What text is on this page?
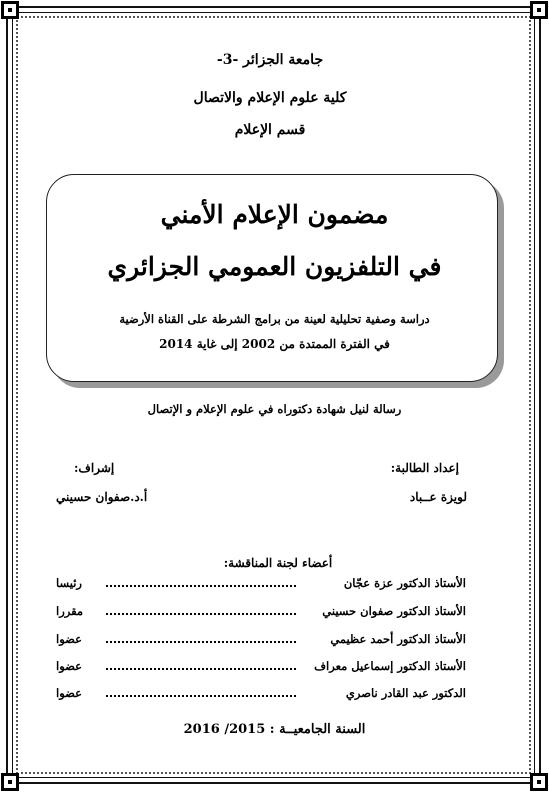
جامعة الجزائر -3-
كلية علوم الإعلام والاتصال
قسم الإعلام
مضمون الإعلام الأمني
في التلفزيون العمومي الجزائري
دراسة وصفية تحليلية لعينة من برامج الشرطة على القناة الأرضية
في الفترة الممتدة من 2002 إلى غاية 2014
رسالة لنيل شهادة دكتوراه في علوم الإعلام و الإتصال
إعداد الطالبة:
لويزة عــباد
إشراف:
أ.د.صفوان حسيني
أعضاء لجنة المناقشة:
الأستاذ الدكتور عزة عجّان
رئيسا
الأستاذ الدكتور صفوان حسيني
مقررا
الأستاذ الدكتور أحمد عظيمي
عضوا
الأستاذ الدكتور إسماعيل معراف
عضوا
الدكتور عبد القادر ناصري
عضوا
السنة الجامعيــة : 2015/ 2016
